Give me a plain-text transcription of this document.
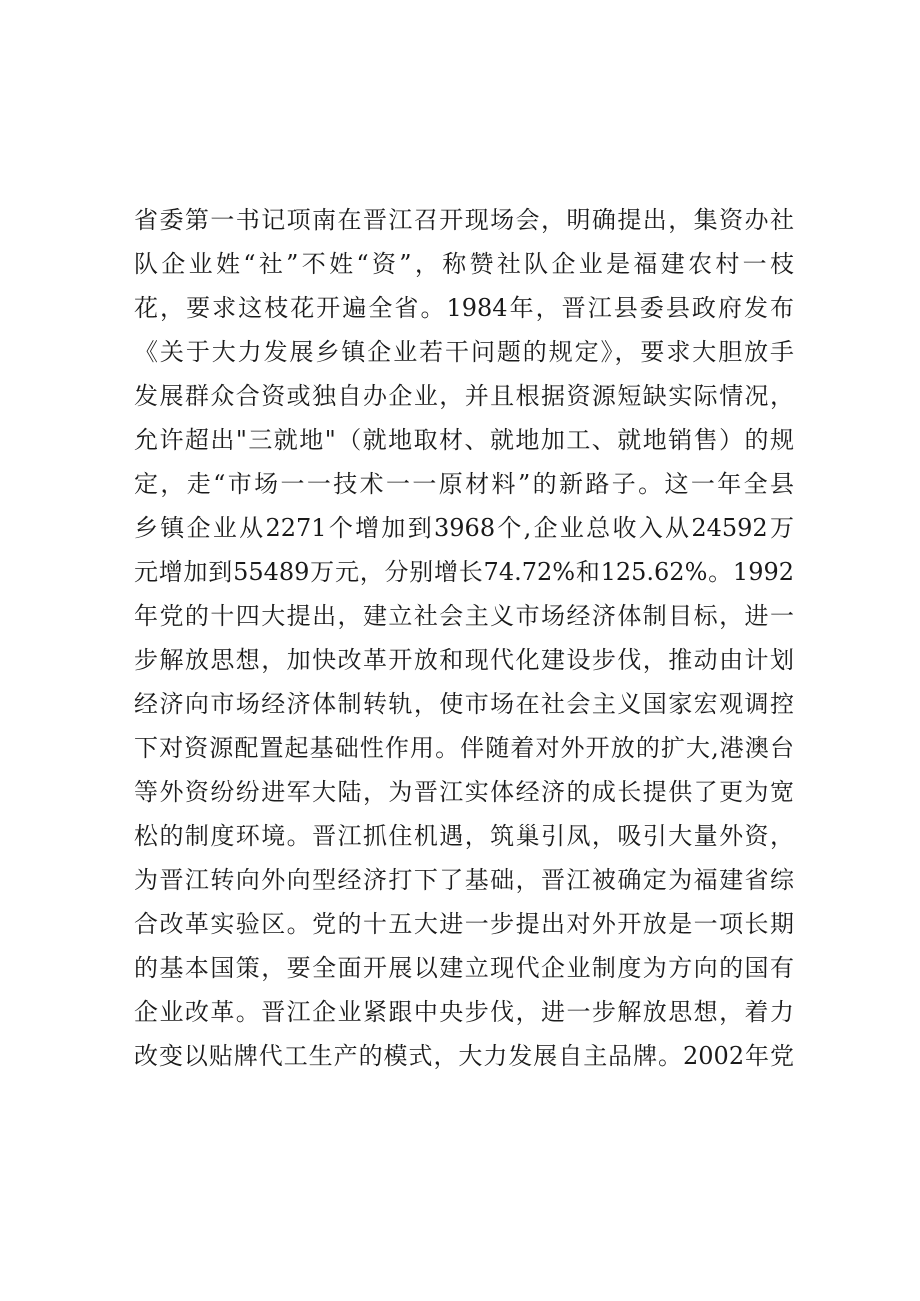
省委第一书记项南在晋江召开现场会，明确提出，集资办社
队企业姓“社”不姓“资”，称赞社队企业是福建农村一枝
花，要求这枝花开遍全省。1984年，晋江县委县政府发布
《关于大力发展乡镇企业若干问题的规定》，要求大胆放手
发展群众合资或独自办企业，并且根据资源短缺实际情况，
允许超出"三就地"（就地取材、就地加工、就地销售）的规
定，走“市场一一技术一一原材料”的新路子。这一年全县
乡镇企业从2271个增加到3968个,企业总收入从24592万
元增加到55489万元，分别增长74.72%和125.62%。1992
年党的十四大提出，建立社会主义市场经济体制目标，进一
步解放思想，加快改革开放和现代化建设步伐，推动由计划
经济向市场经济体制转轨，使市场在社会主义国家宏观调控
下对资源配置起基础性作用。伴随着对外开放的扩大,港澳台
等外资纷纷进军大陆，为晋江实体经济的成长提供了更为宽
松的制度环境。晋江抓住机遇，筑巢引凤，吸引大量外资，
为晋江转向外向型经济打下了基础，晋江被确定为福建省综
合改革实验区。党的十五大进一步提出对外开放是一项长期
的基本国策，要全面开展以建立现代企业制度为方向的国有
企业改革。晋江企业紧跟中央步伐，进一步解放思想，着力
改变以贴牌代工生产的模式，大力发展自主品牌。2002年党
